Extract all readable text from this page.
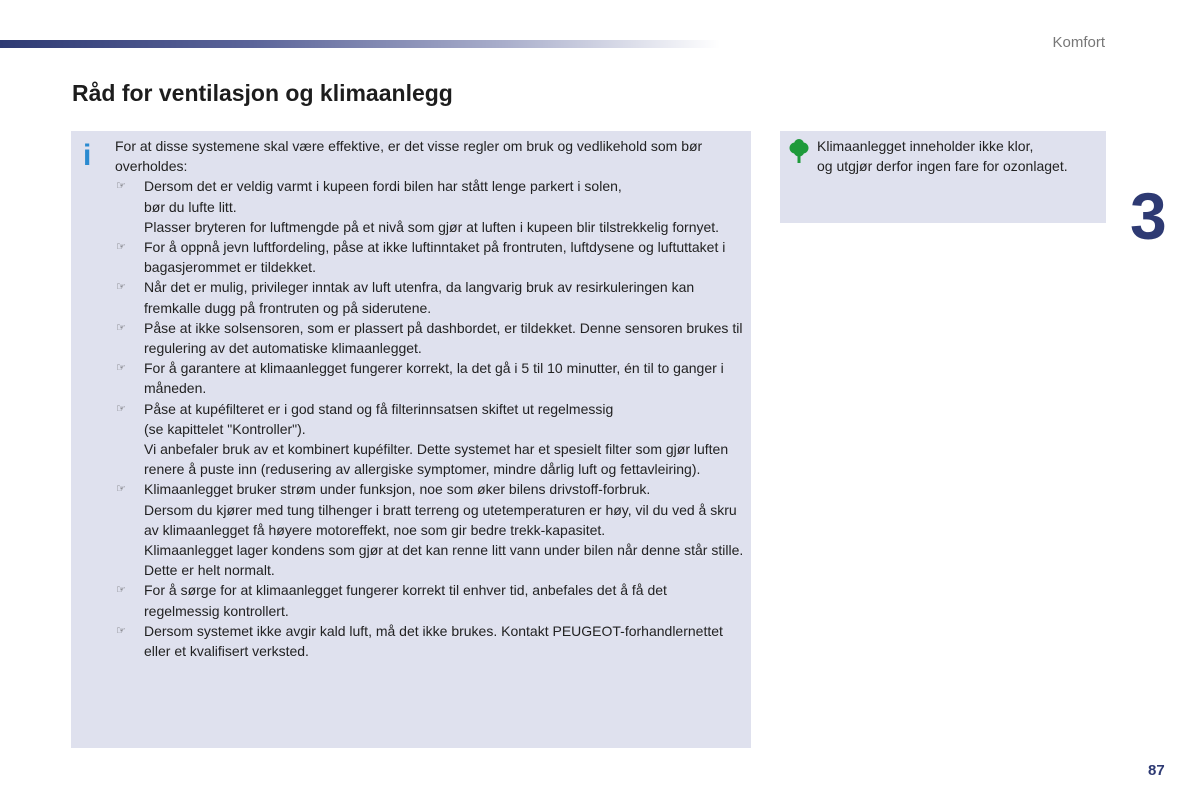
Komfort
Råd for ventilasjon og klimaanlegg
i For at disse systemene skal være effektive, er det visse regler om bruk og vedlikehold som bør overholdes:

☞ Dersom det er veldig varmt i kupeen fordi bilen har stått lenge parkert i solen,

bør du lufte litt.

Plasser bryteren for luftmengde på et nivå som gjør at luften i kupeen blir tilstrekkelig fornyet.

☞ For å oppnå jevn luftfordeling, påse at ikke luftinntaket på frontruten, luftdysene og luftuttaket i bagasjerommet er tildekket.

☞ Når det er mulig, privileger inntak av luft utenfra, da langvarig bruk av resirkuleringen kan fremkalle dugg på frontruten og på siderutene.

☞ Påse at ikke solsensoren, som er plassert på dashbordet, er tildekket. Denne sensoren brukes til regulering av det automatiske klimaanlegget.

☞ For å garantere at klimaanlegget fungerer korrekt, la det gå i 5 til 10 minutter, én til to ganger i måneden.

☞ Påse at kupéfilteret er i god stand og få filterinnsatsen skiftet ut regelmessig

(se kapittelet "Kontroller").

Vi anbefaler bruk av et kombinert kupéfilter. Dette systemet har et spesielt filter som gjør luften renere å puste inn (redusering av allergiske symptomer, mindre dårlig luft og fettavleiring).

☞ Klimaanlegget bruker strøm under funksjon, noe som øker bilens drivstoff-forbruk.

Dersom du kjører med tung tilhenger i bratt terreng og utetemperaturen er høy, vil du ved å skru av klimaanlegget få høyere motoreffekt, noe som gir bedre trekk-kapasitet.

Klimaanlegget lager kondens som gjør at det kan renne litt vann under bilen når denne står stille. Dette er helt normalt.

☞ For å sørge for at klimaanlegget fungerer korrekt til enhver tid, anbefales det å få det regelmessig kontrollert.

☞ Dersom systemet ikke avgir kald luft, må det ikke brukes. Kontakt PEUGEOT-forhandlernettet eller et kvalifisert verksted.

Klimaanlegget inneholder ikke klor,
og utgjør derfor ingen fare for ozonlaget.
3
87
